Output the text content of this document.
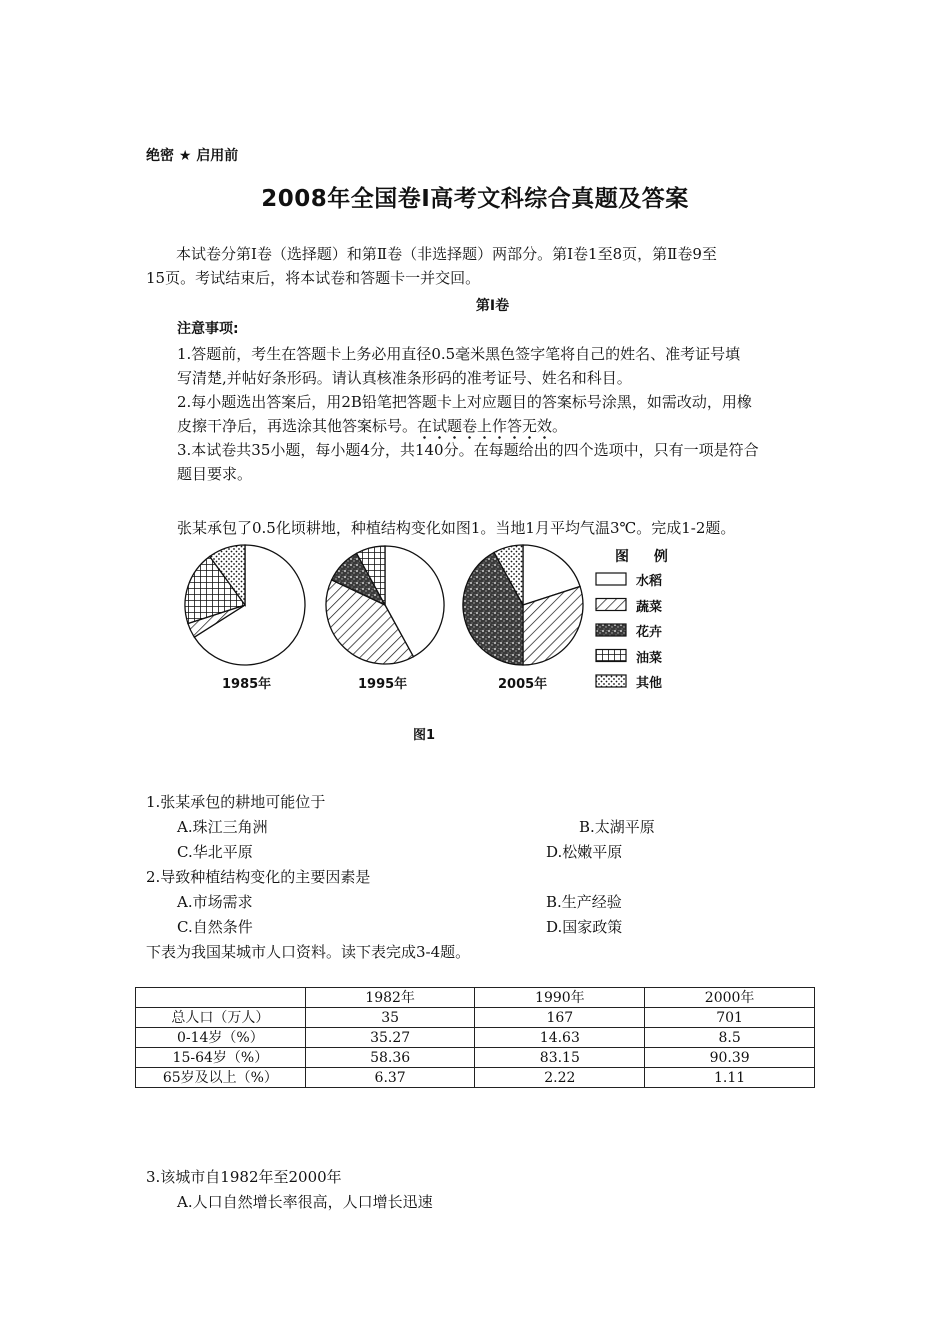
绝密 ★ 启用前
2008年全国卷Ⅰ高考文科综合真题及答案
本试卷分第Ⅰ卷（选择题）和第Ⅱ卷（非选择题）两部分。第Ⅰ卷1至8页，第Ⅱ卷9至
15页。考试结束后，将本试卷和答题卡一并交回。
第Ⅰ卷
注意事项:
1.答题前，考生在答题卡上务必用直径0.5毫米黑色签字笔将自己的姓名、准考证号填
写清楚,并帖好条形码。请认真核准条形码的准考证号、姓名和科目。
2.每小题选出答案后，用2B铅笔把答题卡上对应题目的答案标号涂黑，如需改动，用橡
皮擦干净后，再选涂其他答案标号。在试题卷上作答无效。
3.本试卷共35小题，每小题4分，共140分。在每题给出的四个选项中，只有一项是符合
题目要求。
张某承包了0.5化顷耕地，种植结构变化如图1。当地1月平均气温3℃。完成1-2题。
图 例
水稻
蔬菜
花卉
油菜
其他
1985年	1995年	2005年
图1
1.张某承包的耕地可能位于
A.珠江三角洲	B.太湖平原
C.华北平原	D.松嫩平原
2.导致种植结构变化的主要因素是
A.市场需求	B.生产经验
C.自然条件	D.国家政策
下表为我国某城市人口资料。读下表完成3-4题。
	1982年	1990年	2000年
总人口（万人）	35	167	701
0-14岁（%）	35.27	14.63	8.5
15-64岁（%）	58.36	83.15	90.39
65岁及以上（%）	6.37	2.22	1.11
3.该城市自1982年至2000年
A.人口自然增长率很高，人口增长迅速
